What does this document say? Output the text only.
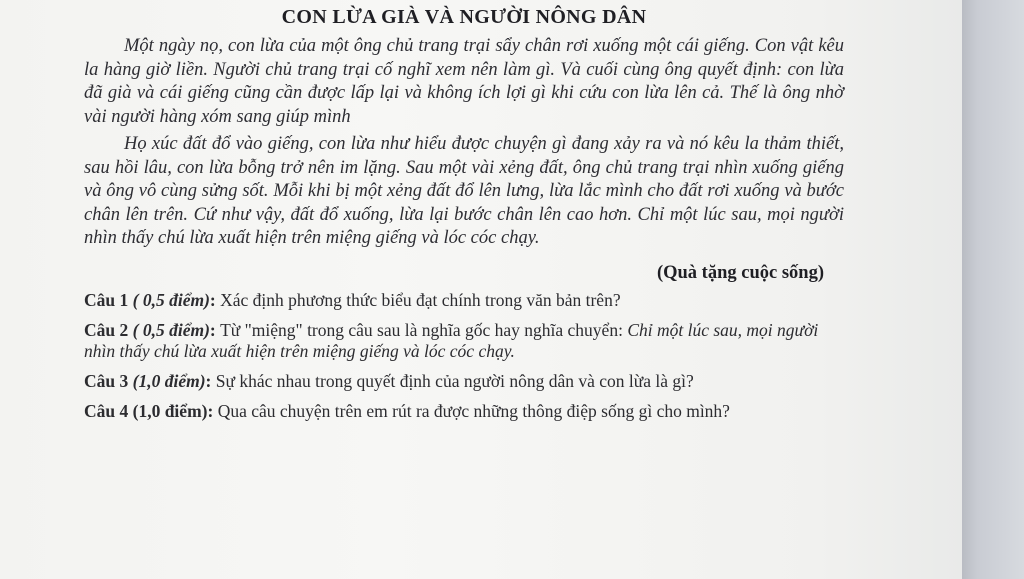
CON LỪA GIÀ VÀ NGƯỜI NÔNG DÂN

Một ngày nọ, con lừa của một ông chủ trang trại sẩy chân rơi xuống một cái giếng. Con vật kêu la hàng giờ liền. Người chủ trang trại cố nghĩ xem nên làm gì. Và cuối cùng ông quyết định: con lừa đã già và cái giếng cũng cần được lấp lại và không ích lợi gì khi cứu con lừa lên cả. Thế là ông nhờ vài người hàng xóm sang giúp mình

Họ xúc đất đổ vào giếng, con lừa như hiểu được chuyện gì đang xảy ra và nó kêu la thảm thiết, sau hồi lâu, con lừa bỗng trở nên im lặng. Sau một vài xẻng đất, ông chủ trang trại nhìn xuống giếng và ông vô cùng sửng sốt. Mỗi khi bị một xẻng đất đổ lên lưng, lừa lắc mình cho đất rơi xuống và bước chân lên trên. Cứ như vậy, đất đổ xuống, lừa lại bước chân lên cao hơn. Chỉ một lúc sau, mọi người nhìn thấy chú lừa xuất hiện trên miệng giếng và lóc cóc chạy.

(Quà tặng cuộc sống)

Câu 1 ( 0,5 điểm): Xác định phương thức biểu đạt chính trong văn bản trên?

Câu 2 ( 0,5 điểm): Từ "miệng" trong câu sau là nghĩa gốc hay nghĩa chuyển: Chỉ một lúc sau, mọi người nhìn thấy chú lừa xuất hiện trên miệng giếng và lóc cóc chạy.

Câu 3 (1,0 điểm): Sự khác nhau trong quyết định của người nông dân và con lừa là gì?

Câu 4 (1,0 điểm): Qua câu chuyện trên em rút ra được những thông điệp sống gì cho mình?
